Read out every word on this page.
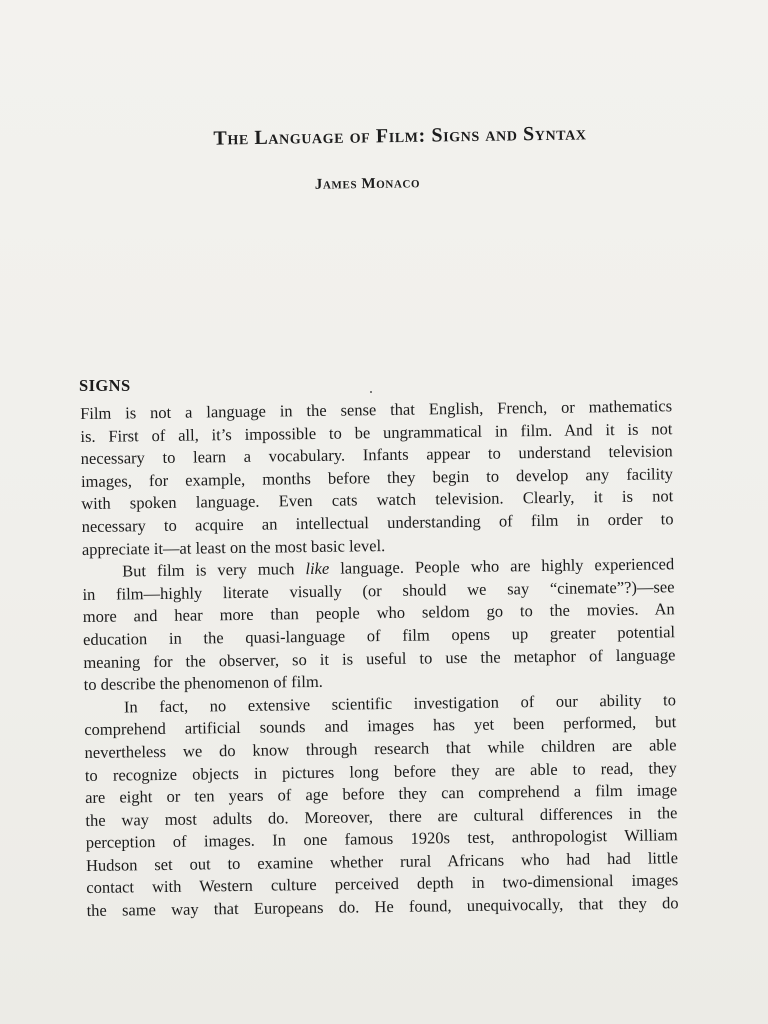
The Language of Film: Signs and Syntax
James Monaco
SIGNS
Film is not a language in the sense that English, French, or mathematics
is. First of all, it’s impossible to be ungrammatical in film. And it is not
necessary to learn a vocabulary. Infants appear to understand television
images, for example, months before they begin to develop any facility
with spoken language. Even cats watch television. Clearly, it is not
necessary to acquire an intellectual understanding of film in order to
appreciate it—at least on the most basic level.
But film is very much like language. People who are highly experienced
in film—highly literate visually (or should we say “cinemate”?)—see
more and hear more than people who seldom go to the movies. An
education in the quasi-language of film opens up greater potential
meaning for the observer, so it is useful to use the metaphor of language
to describe the phenomenon of film.
In fact, no extensive scientific investigation of our ability to
comprehend artificial sounds and images has yet been performed, but
nevertheless we do know through research that while children are able
to recognize objects in pictures long before they are able to read, they
are eight or ten years of age before they can comprehend a film image
the way most adults do. Moreover, there are cultural differences in the
perception of images. In one famous 1920s test, anthropologist William
Hudson set out to examine whether rural Africans who had had little
contact with Western culture perceived depth in two-dimensional images
the same way that Europeans do. He found, unequivocally, that they do
